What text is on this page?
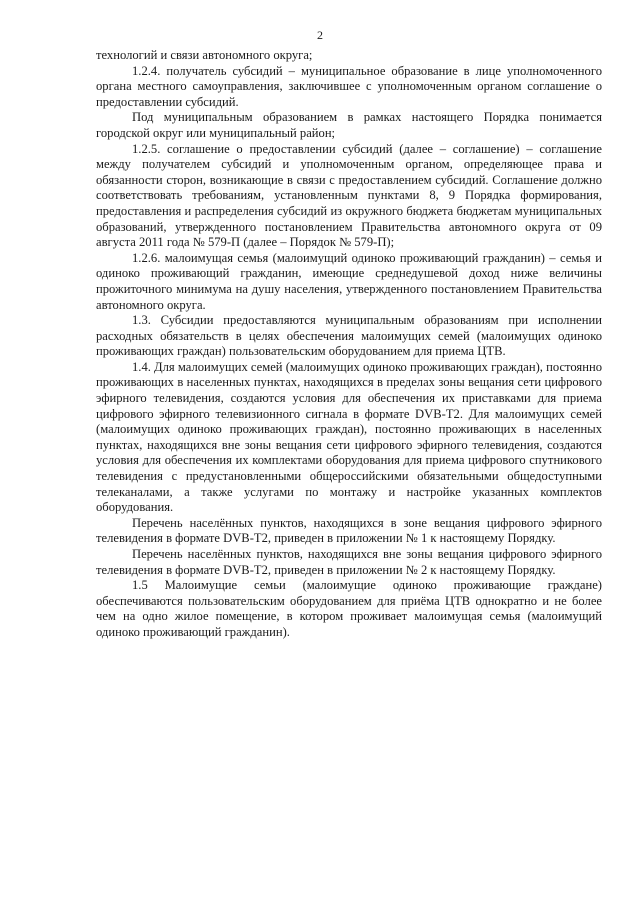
2

технологий и связи автономного округа;

1.2.4. получатель субсидий – муниципальное образование в лице уполномоченного органа местного самоуправления, заключившее с уполномоченным органом соглашение о предоставлении субсидий.

Под муниципальным образованием в рамках настоящего Порядка понимается городской округ или муниципальный район;

1.2.5. соглашение о предоставлении субсидий (далее – соглашение) – соглашение между получателем субсидий и уполномоченным органом, определяющее права и обязанности сторон, возникающие в связи с предоставлением субсидий. Соглашение должно соответствовать требованиям, установленным пунктами 8, 9 Порядка формирования, предоставления и распределения субсидий из окружного бюджета бюджетам муниципальных образований, утвержденного постановлением Правительства автономного округа от 09 августа 2011 года № 579-П (далее – Порядок № 579-П);

1.2.6. малоимущая семья (малоимущий одиноко проживающий гражданин) – семья и одиноко проживающий гражданин, имеющие среднедушевой доход ниже величины прожиточного минимума на душу населения, утвержденного постановлением Правительства автономного округа.

1.3. Субсидии предоставляются муниципальным образованиям при исполнении расходных обязательств в целях обеспечения малоимущих семей (малоимущих одиноко проживающих граждан) пользовательским оборудованием для приема ЦТВ.

1.4. Для малоимущих семей (малоимущих одиноко проживающих граждан), постоянно проживающих в населенных пунктах, находящихся в пределах зоны вещания сети цифрового эфирного телевидения, создаются условия для обеспечения их приставками для приема цифрового эфирного телевизионного сигнала в формате DVB-T2. Для малоимущих семей (малоимущих одиноко проживающих граждан), постоянно проживающих в населенных пунктах, находящихся вне зоны вещания сети цифрового эфирного телевидения, создаются условия для обеспечения их комплектами оборудования для приема цифрового спутникового телевидения с предустановленными общероссийскими обязательными общедоступными телеканалами, а также услугами по монтажу и настройке указанных комплектов оборудования.

Перечень населённых пунктов, находящихся в зоне вещания цифрового эфирного телевидения в формате DVB-T2, приведен в приложении № 1 к настоящему Порядку.

Перечень населённых пунктов, находящихся вне зоны вещания цифрового эфирного телевидения в формате DVB-T2, приведен в приложении № 2 к настоящему Порядку.

1.5 Малоимущие семьи (малоимущие одиноко проживающие граждане) обеспечиваются пользовательским оборудованием для приёма ЦТВ однократно и не более чем на одно жилое помещение, в котором проживает малоимущая семья (малоимущий одиноко проживающий гражданин).
